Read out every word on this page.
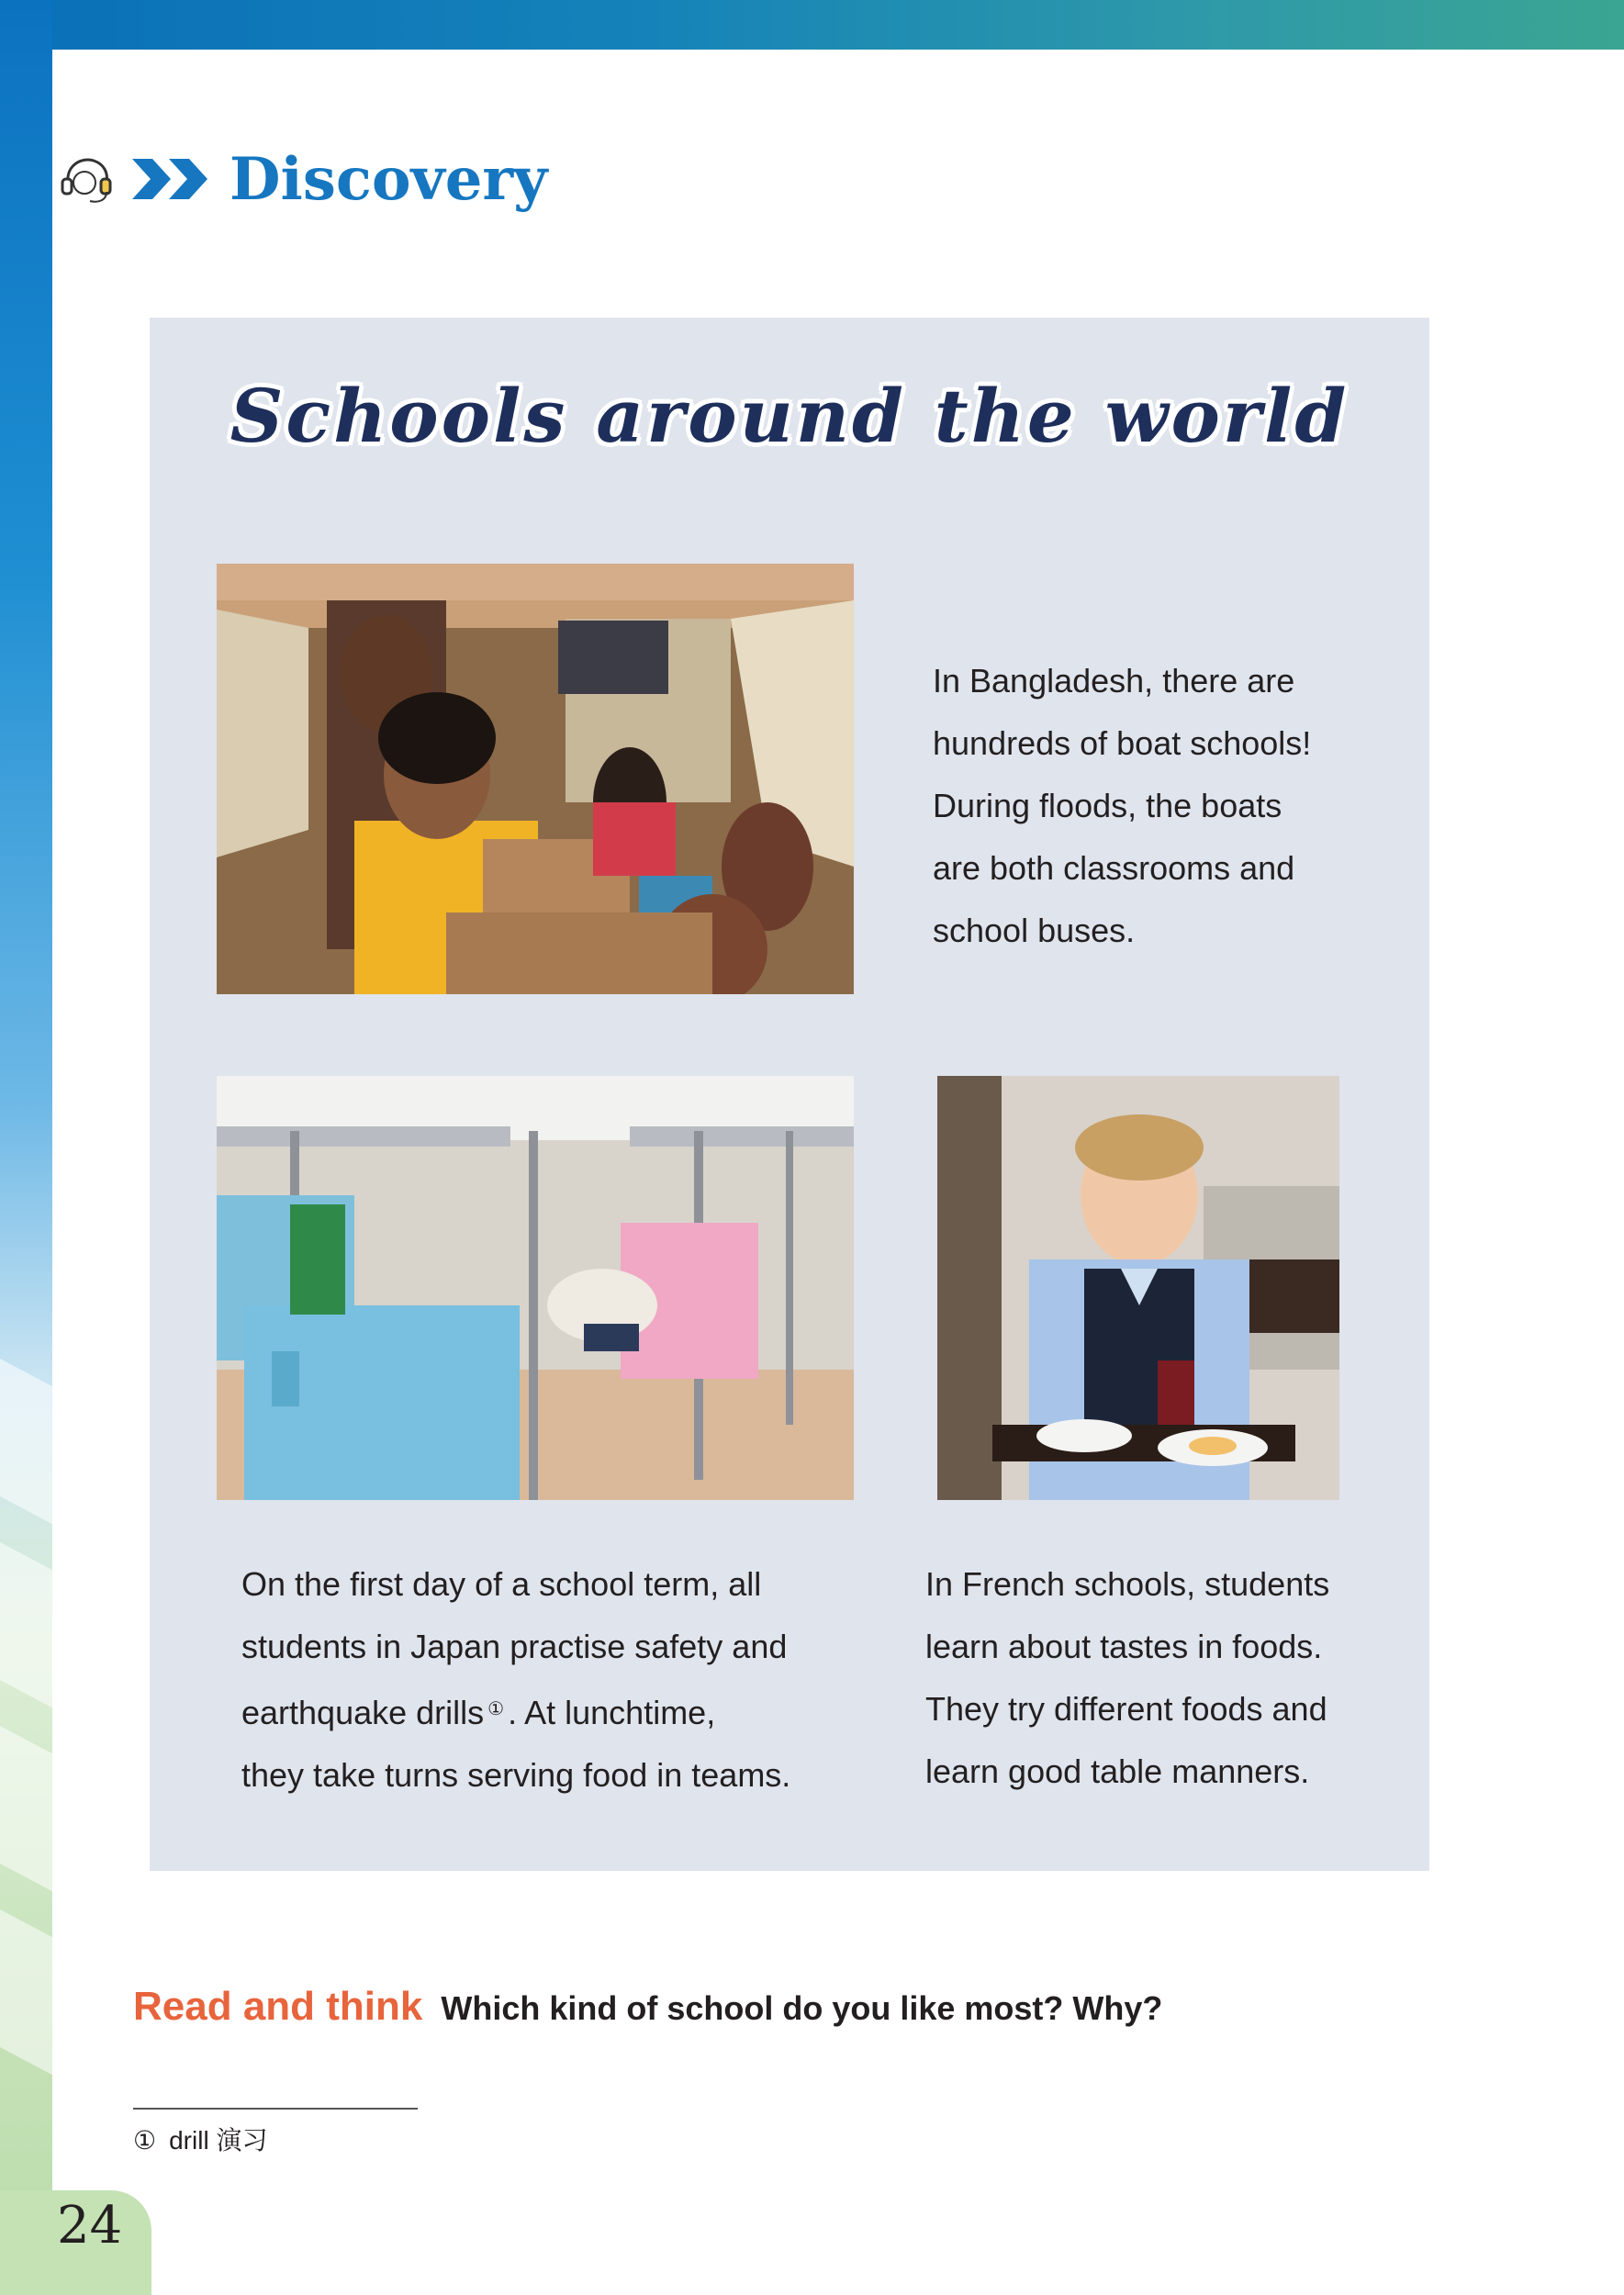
Discovery
Schools around the world

In Bangladesh, there are

hundreds of boat schools!

During floods, the boats

are both classrooms and

school buses.

On the first day of a school term, all

students in Japan practise safety and

earthquake drills ① . At lunchtime,

they take turns serving food in teams.

In French schools, students

learn about tastes in foods.

They try different foods and

learn good table manners.

Read and think Which kind of school do you like most? Why?
① drill 演习
24
